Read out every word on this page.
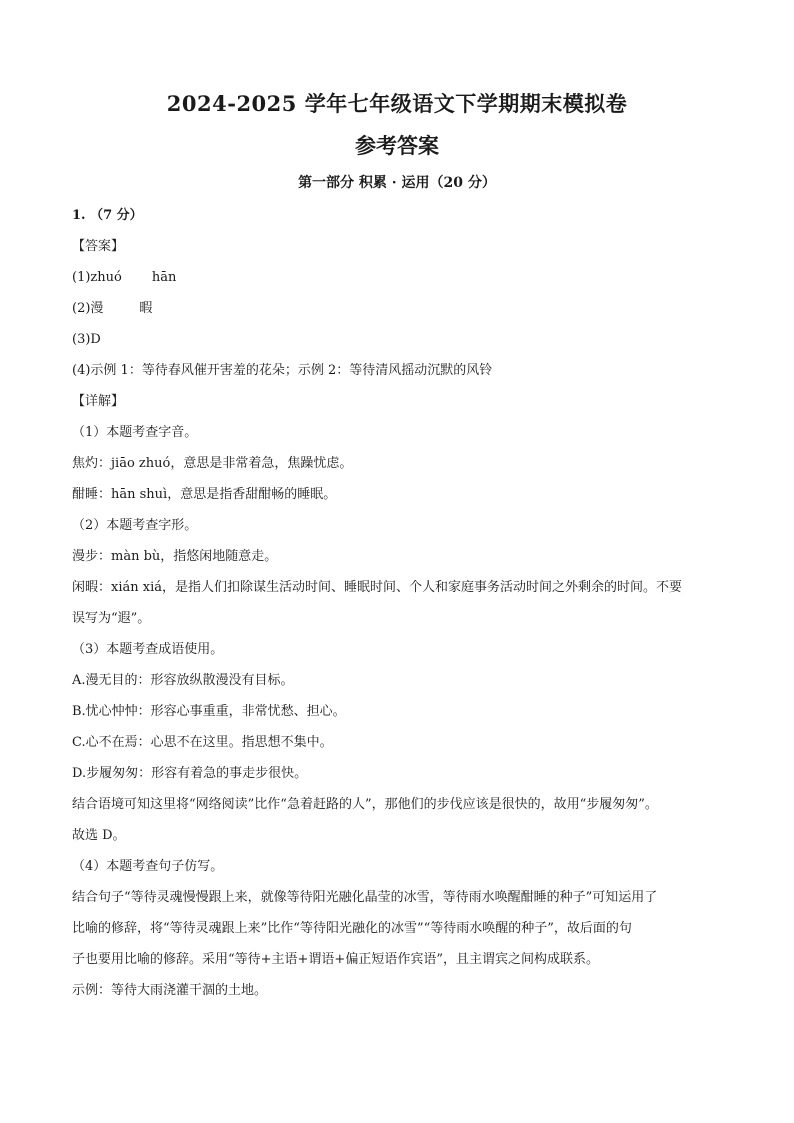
2024-2025 学年七年级语文下学期期末模拟卷
参考答案
第一部分 积累 · 运用（20 分）
1. （7 分）
【答案】
(1)zhuó hān
(2)漫	暇
(3)D
(4)示例 1：等待春风催开害羞的花朵；示例 2：等待清风摇动沉默的风铃
【详解】
（1）本题考查字音。
焦灼：jiāo zhuó，意思是非常着急，焦躁忧虑。
酣睡：hān shuì，意思是指香甜酣畅的睡眠。
（2）本题考查字形。
漫步：màn bù，指悠闲地随意走。
闲暇：xián xiá，是指人们扣除谋生活动时间、睡眠时间、个人和家庭事务活动时间之外剩余的时间。不要
误写为“遐”。
（3）本题考查成语使用。
A.漫无目的：形容放纵散漫没有目标。
B.忧心忡忡：形容心事重重，非常忧愁、担心。
C.心不在焉：心思不在这里。指思想不集中。
D.步履匆匆：形容有着急的事走步很快。
结合语境可知这里将“网络阅读”比作“急着赶路的人”，那他们的步伐应该是很快的，故用“步履匆匆”。
故选 D。
（4）本题考查句子仿写。
结合句子“等待灵魂慢慢跟上来，就像等待阳光融化晶莹的冰雪，等待雨水唤醒酣睡的种子”可知运用了
比喻的修辞，将“等待灵魂跟上来”比作“等待阳光融化的冰雪”“等待雨水唤醒的种子”，故后面的句
子也要用比喻的修辞。采用“等待+主语+谓语+偏正短语作宾语”，且主谓宾之间构成联系。
示例：等待大雨浇灌干涸的土地。
